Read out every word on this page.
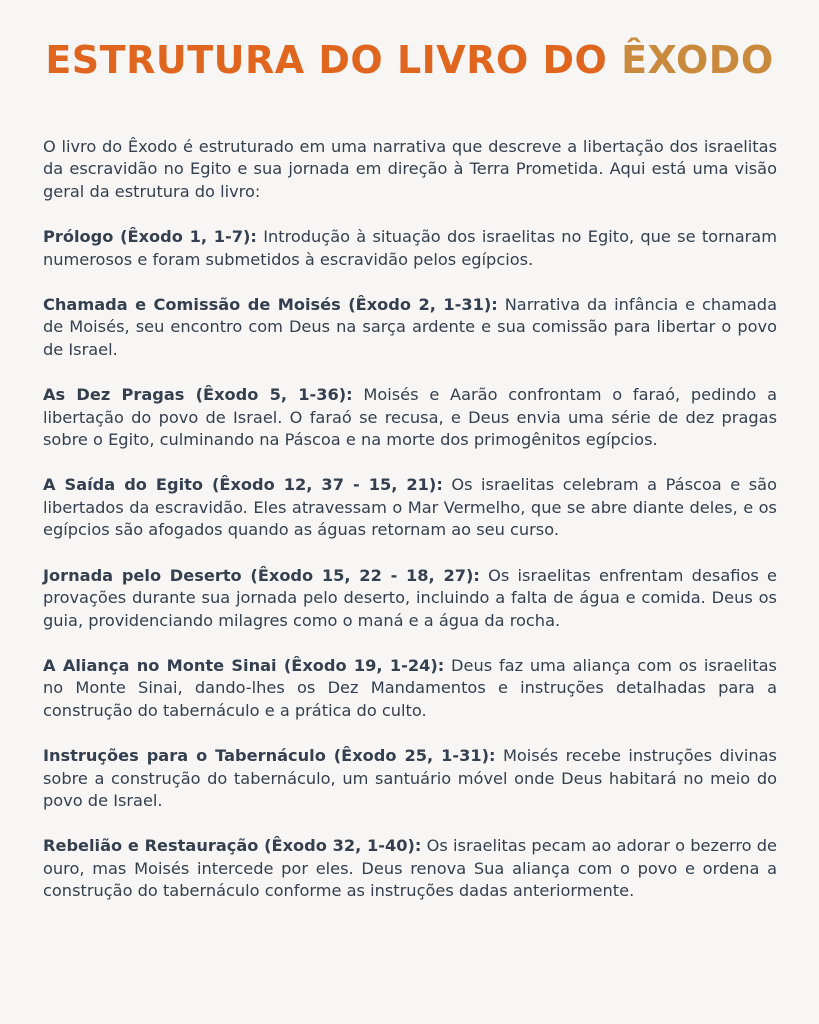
ESTRUTURA DO LIVRO DO ÊXODO

O livro do Êxodo é estruturado em uma narrativa que descreve a libertação dos israelitas da escravidão no Egito e sua jornada em direção à Terra Prometida. Aqui está uma visão geral da estrutura do livro:

Prólogo (Êxodo 1, 1-7): Introdução à situação dos israelitas no Egito, que se tornaram numerosos e foram submetidos à escravidão pelos egípcios.

Chamada e Comissão de Moisés (Êxodo 2, 1-31): Narrativa da infância e chamada de Moisés, seu encontro com Deus na sarça ardente e sua comissão para libertar o povo de Israel.

As Dez Pragas (Êxodo 5, 1-36): Moisés e Aarão confrontam o faraó, pedindo a libertação do povo de Israel. O faraó se recusa, e Deus envia uma série de dez pragas sobre o Egito, culminando na Páscoa e na morte dos primogênitos egípcios.

A Saída do Egito (Êxodo 12, 37 - 15, 21): Os israelitas celebram a Páscoa e são libertados da escravidão. Eles atravessam o Mar Vermelho, que se abre diante deles, e os egípcios são afogados quando as águas retornam ao seu curso.

Jornada pelo Deserto (Êxodo 15, 22 - 18, 27): Os israelitas enfrentam desafios e provações durante sua jornada pelo deserto, incluindo a falta de água e comida. Deus os guia, providenciando milagres como o maná e a água da rocha.

A Aliança no Monte Sinai (Êxodo 19, 1-24): Deus faz uma aliança com os israelitas no Monte Sinai, dando-lhes os Dez Mandamentos e instruções detalhadas para a construção do tabernáculo e a prática do culto.

Instruções para o Tabernáculo (Êxodo 25, 1-31): Moisés recebe instruções divinas sobre a construção do tabernáculo, um santuário móvel onde Deus habitará no meio do povo de Israel.

Rebelião e Restauração (Êxodo 32, 1-40): Os israelitas pecam ao adorar o bezerro de ouro, mas Moisés intercede por eles. Deus renova Sua aliança com o povo e ordena a construção do tabernáculo conforme as instruções dadas anteriormente.
